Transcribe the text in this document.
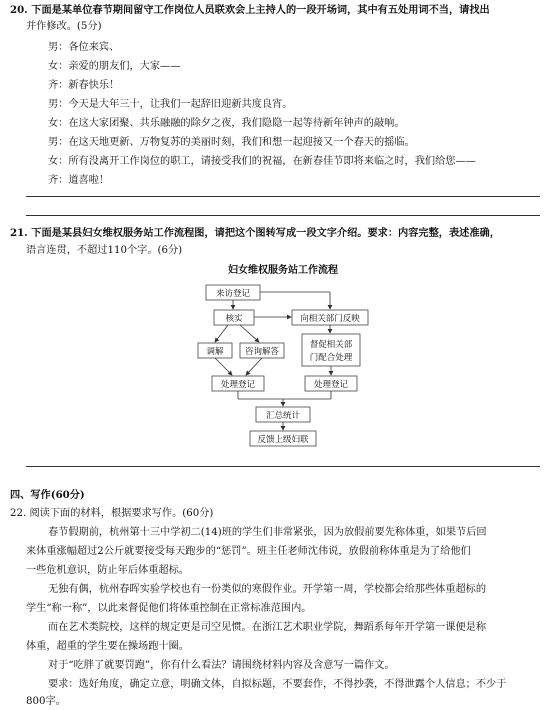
20. 下面是某单位春节期间留守工作岗位人员联欢会上主持人的一段开场词，其中有五处用词不当，请找出
并作修改。(5分)
男：各位来宾、
女：亲爱的朋友们，大家——
齐：新春快乐！
男：今天是大年三十，让我们一起辞旧迎新共度良宵。
女：在这大家团聚、共乐融融的除夕之夜，我们隐隐一起等待新年钟声的敲响。
男：在这天地更新、万物复苏的美丽时刻，我们和想一起迎接又一个春天的摇临。
女：所有没离开工作岗位的职工，请接受我们的祝福，在新春佳节即将来临之时，我们给您——
齐：道喜啦！
21. 下面是某县妇女维权服务站工作流程图，请把这个图转写成一段文字介绍。要求：内容完整，表述准确，
语言连贯，不超过110个字。(6分)
妇女维权服务站工作流程
来访登记
核实	向相关部门反映
督促相关部
门配合处理
调解	咨询解答
处理登记	处理登记
汇总统计
反馈上级妇联
四、写作(60分)
22. 阅读下面的材料，根据要求写作。(60分)
春节假期前，杭州第十三中学初二(14)班的学生们非常紧张，因为放假前要先称体重，如果节后回
来体重涨幅超过2公斤就要接受每天跑步的“惩罚”。班主任老师沈伟说，放假前称体重是为了给他们
一些危机意识，防止年后体重超标。
无独有偶，杭州春晖实验学校也有一份类似的寒假作业。开学第一周，学校都会给那些体重超标的
学生“称一称”，以此来督促他们将体重控制在正常标准范围内。
而在艺术类院校，这样的规定更是司空见惯。在浙江艺术职业学院，舞蹈系每年开学第一课便是称
体重，超重的学生要在操场跑十圈。
对于“吃胖了就要罚跑”，你有什么看法？请围绕材料内容及含意写一篇作文。
要求：选好角度，确定立意，明确文体，自拟标题，不要套作，不得抄袭，不得泄露个人信息；不少于
800字。
